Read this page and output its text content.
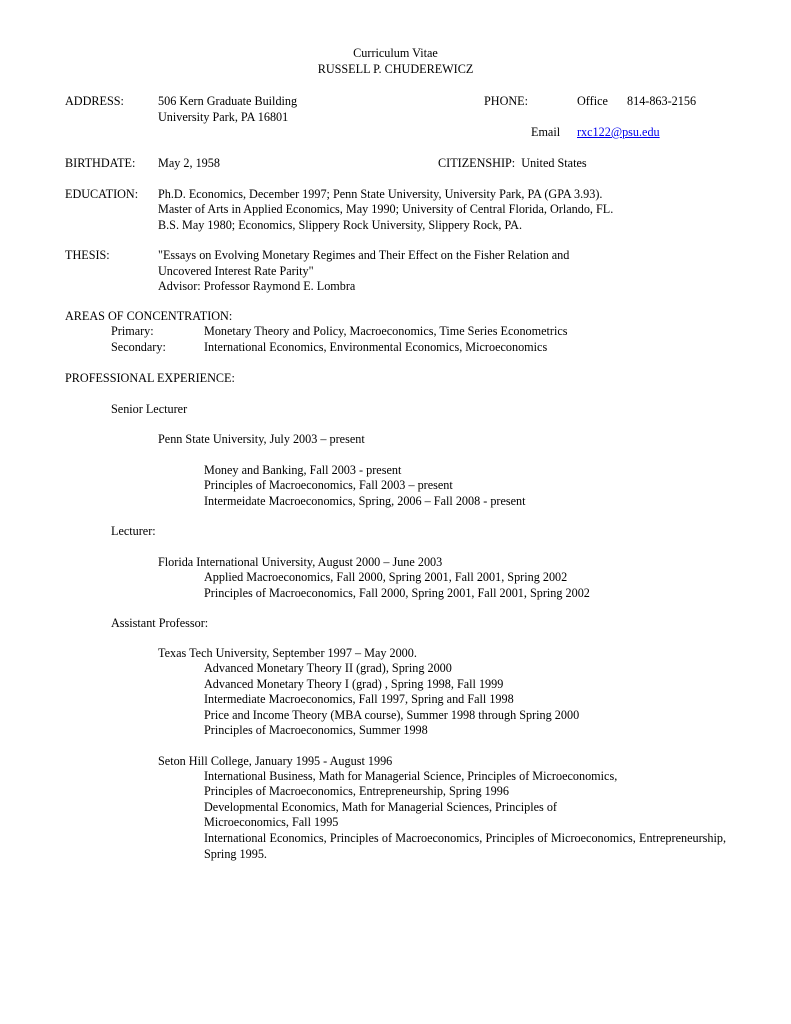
Curriculum Vitae
RUSSELL P. CHUDEREWICZ
ADDRESS:	506 Kern Graduate Building
University Park, PA 16801
PHONE:	Office 814-863-2156
Email rxc122@psu.edu
BIRTHDATE: May 2, 1958	CITIZENSHIP:  United States
EDUCATION: Ph.D. Economics, December 1997; Penn State University, University Park, PA (GPA 3.93).
Master of Arts in Applied Economics, May 1990; University of Central Florida, Orlando, FL.
B.S. May 1980; Economics, Slippery Rock University, Slippery Rock, PA.
THESIS:	"Essays on Evolving Monetary Regimes and Their Effect on the Fisher Relation and
Uncovered Interest Rate Parity"
Advisor: Professor Raymond E. Lombra
AREAS OF CONCENTRATION:
Primary:	Monetary Theory and Policy, Macroeconomics, Time Series Econometrics
Secondary:	International Economics, Environmental Economics, Microeconomics
PROFESSIONAL EXPERIENCE:
Senior Lecturer
Penn State University, July 2003 – present
Money and Banking, Fall 2003 - present
Principles of Macroeconomics, Fall 2003 – present
Intermeidate Macroeconomics, Spring, 2006 – Fall 2008 - present
Lecturer:
Florida International University, August 2000 – June 2003
Applied Macroeconomics, Fall 2000, Spring 2001, Fall 2001, Spring 2002
Principles of Macroeconomics, Fall 2000, Spring 2001, Fall 2001, Spring 2002
Assistant Professor:
Texas Tech University, September 1997 – May 2000.
Advanced Monetary Theory II (grad), Spring 2000
Advanced Monetary Theory I (grad) , Spring 1998, Fall 1999
Intermediate Macroeconomics, Fall 1997, Spring and Fall 1998
Price and Income Theory (MBA course), Summer 1998 through Spring 2000
Principles of Macroeconomics, Summer 1998
Seton Hill College, January 1995 - August 1996
International Business, Math for Managerial Science, Principles of Microeconomics,
Principles of Macroeconomics, Entrepreneurship, Spring 1996
Developmental Economics, Math for Managerial Sciences, Principles of
Microeconomics, Fall 1995
International Economics, Principles of Macroeconomics, Principles of Microeconomics, Entrepreneurship, Spring 1995.
